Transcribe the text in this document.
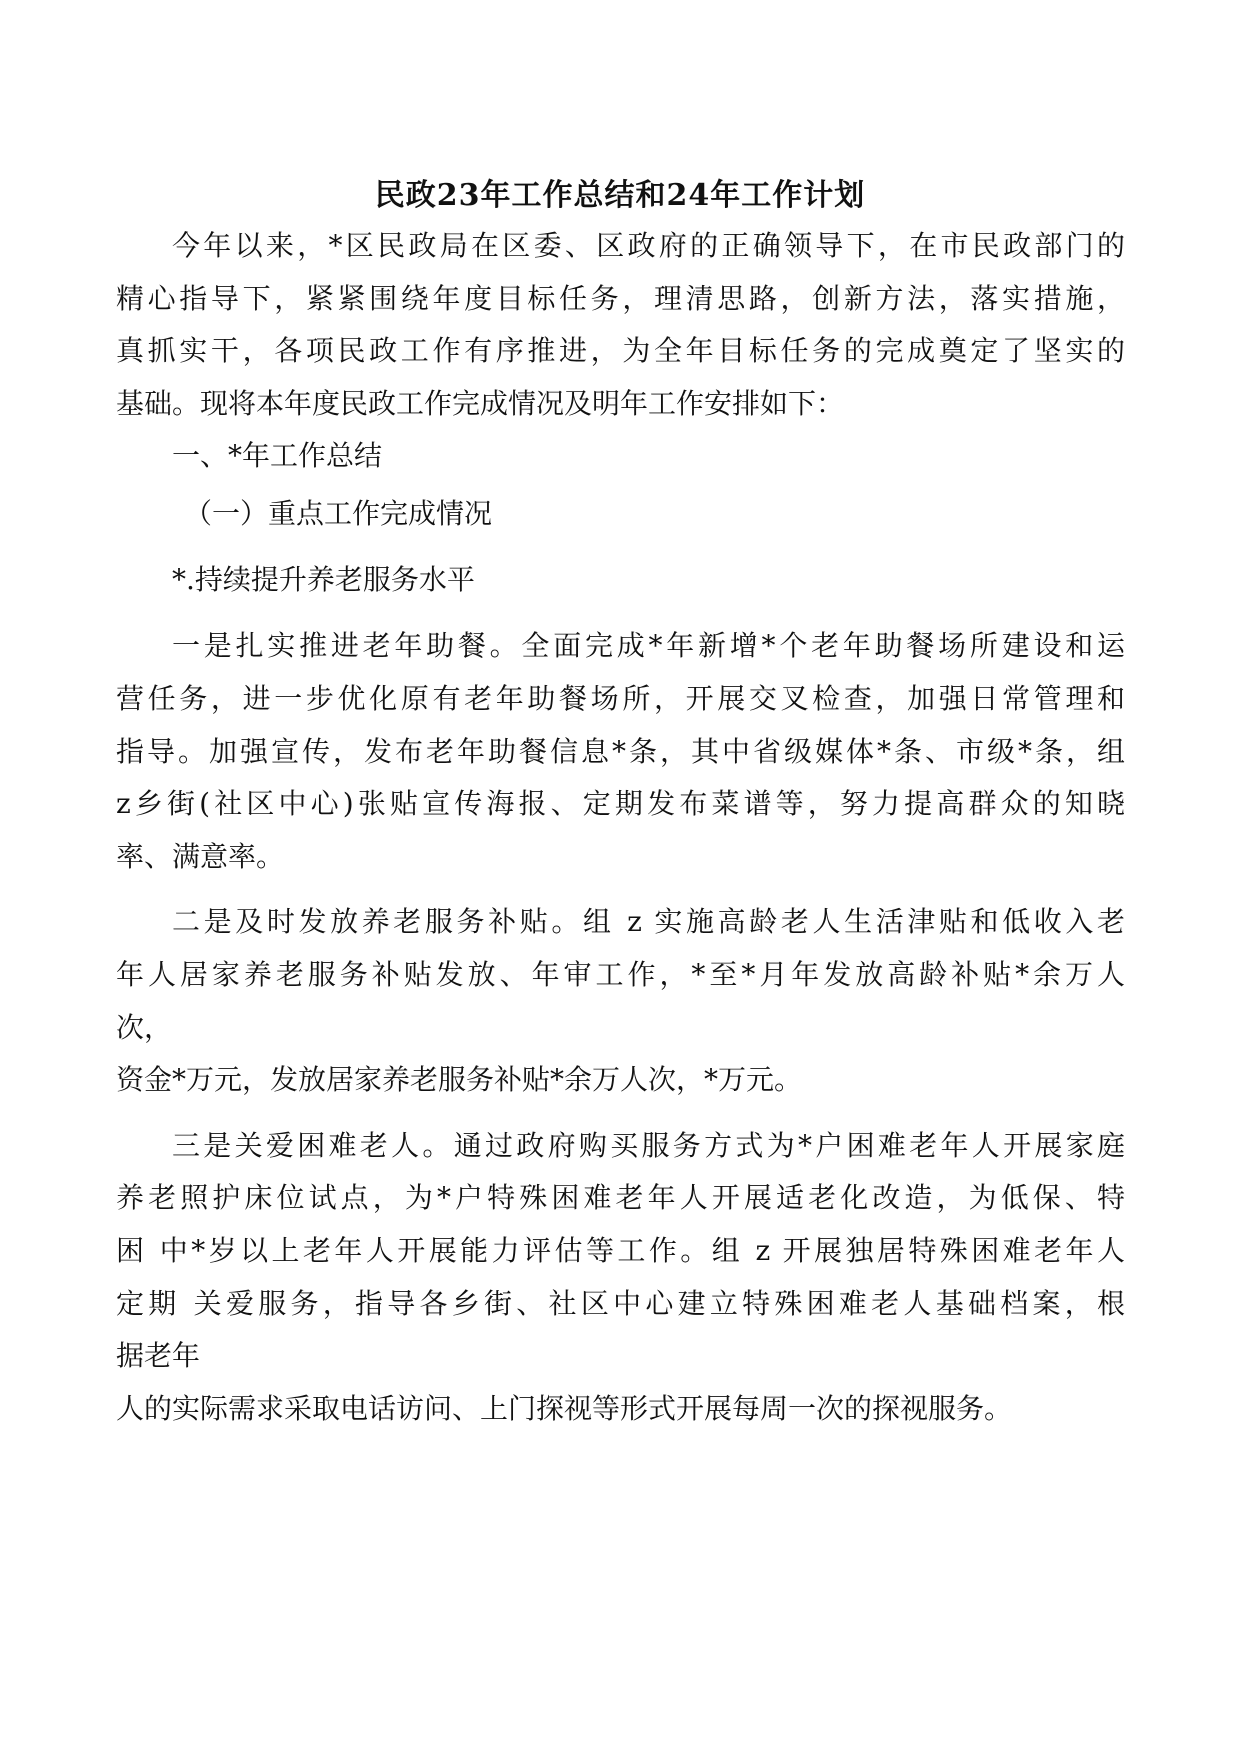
民政23年工作总结和24年工作计划
今年以来，*区民政局在区委、区政府的正确领导下，在市民政部门的
精心指导下，紧紧围绕年度目标任务，理清思路，创新方法，落实措施，
真抓实干，各项民政工作有序推进，为全年目标任务的完成奠定了坚实的
基础。现将本年度民政工作完成情况及明年工作安排如下：
一、*年工作总结
（一）重点工作完成情况
*.持续提升养老服务水平
一是扎实推进老年助餐。全面完成*年新增*个老年助餐场所建设和运
营任务，进一步优化原有老年助餐场所，开展交叉检查，加强日常管理和
指导。加强宣传，发布老年助餐信息*条，其中省级媒体*条、市级*条，组
z乡街(社区中心)张贴宣传海报、定期发布菜谱等，努力提高群众的知晓
率、满意率。
二是及时发放养老服务补贴。组 z 实施高龄老人生活津贴和低收入老
年人居家养老服务补贴发放、年审工作，*至*月年发放高龄补贴*余万人
次，
资金*万元，发放居家养老服务补贴*余万人次，*万元。
三是关爱困难老人。通过政府购买服务方式为*户困难老年人开展家庭
养老照护床位试点，为*户特殊困难老年人开展适老化改造，为低保、特
困 中*岁以上老年人开展能力评估等工作。组 z 开展独居特殊困难老年人
定期 关爱服务，指导各乡街、社区中心建立特殊困难老人基础档案，根
据老年
人的实际需求采取电话访问、上门探视等形式开展每周一次的探视服务。
